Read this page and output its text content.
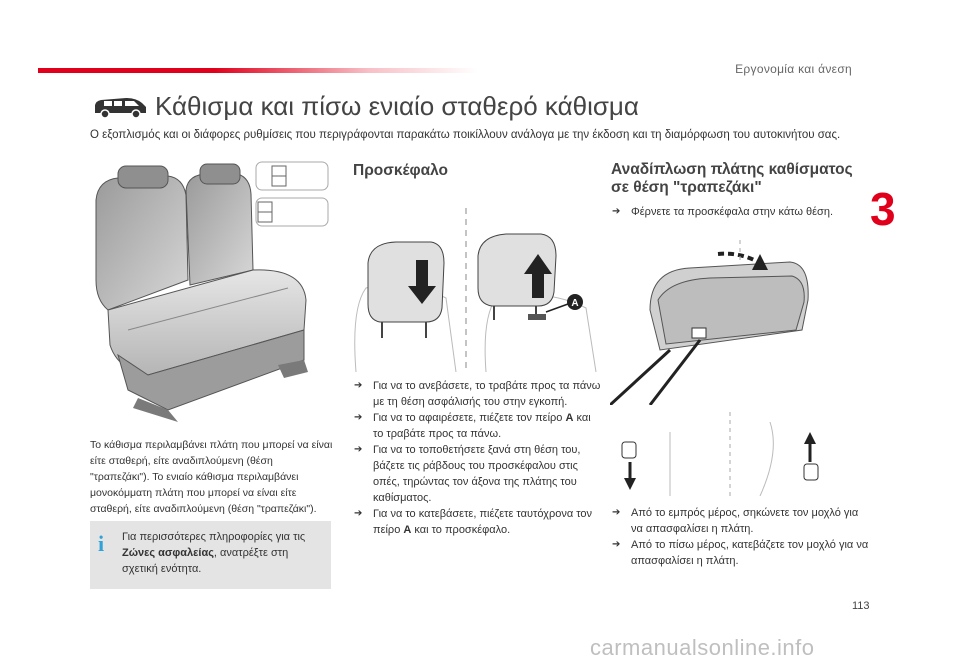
Εργονομία και άνεση
3
Κάθισμα και πίσω ενιαίο σταθερό κάθισμα

Ο εξοπλισμός και οι διάφορες ρυθμίσεις που περιγράφονται παρακάτω ποικίλλουν ανάλογα με την έκδοση και τη διαμόρφωση του αυτοκινήτου σας.

Το κάθισμα περιλαμβάνει πλάτη που μπορεί να είναι είτε σταθερή, είτε αναδιπλούμενη (θέση "τραπεζάκι"). Το ενιαίο κάθισμα περιλαμβάνει μονοκόμματη πλάτη που μπορεί να είναι είτε σταθερή, είτε αναδιπλούμενη (θέση "τραπεζάκι").

i Για περισσότερες πληροφορίες για τις Ζώνες ασφαλείας, ανατρέξτε στη σχετική ενότητα.

Προσκέφαλο
A
➔ Για να το ανεβάσετε, το τραβάτε προς τα πάνω με τη θέση ασφάλισής του στην εγκοπή.
➔ Για να το αφαιρέσετε, πιέζετε τον πείρο A και το τραβάτε προς τα πάνω.
➔ Για να το τοποθετήσετε ξανά στη θέση του, βάζετε τις ράβδους του προσκέφαλου στις οπές, τηρώντας τον άξονα της πλάτης του καθίσματος.
➔ Για να το κατεβάσετε, πιέζετε ταυτόχρονα τον πείρο A και το προσκέφαλο.
Αναδίπλωση πλάτης καθίσματος σε θέση "τραπεζάκι"
➔ Φέρνετε τα προσκέφαλα στην κάτω θέση.
➔ Από το εμπρός μέρος, σηκώνετε τον μοχλό για να απασφαλίσει η πλάτη.
➔ Από το πίσω μέρος, κατεβάζετε τον μοχλό για να απασφαλίσει η πλάτη.
113
carmanualsonline.info
